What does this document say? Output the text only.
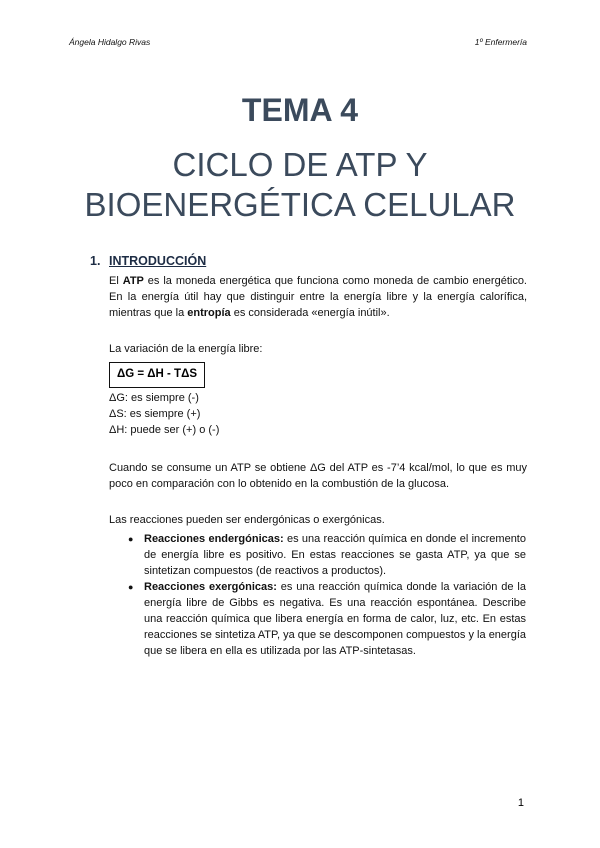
Ángela Hidalgo Rivas	1º Enfermería
TEMA 4
CICLO DE ATP Y
BIOENERGÉTICA CELULAR
1. INTRODUCCIÓN
El ATP es la moneda energética que funciona como moneda de cambio energético. En la energía útil hay que distinguir entre la energía libre y la energía calorífica, mientras que la entropía es considerada «energía inútil».
La variación de la energía libre:
ΔG = ΔH - TΔS
ΔG: es siempre (-)
ΔS: es siempre (+)
ΔH: puede ser (+) o (-)
Cuando se consume un ATP se obtiene ΔG del ATP es -7’4 kcal/mol, lo que es muy poco en comparación con lo obtenido en la combustión de la glucosa.
Las reacciones pueden ser endergónicas o exergónicas.
● Reacciones endergónicas: es una reacción química en donde el incremento de energía libre es positivo. En estas reacciones se gasta ATP, ya que se sintetizan compuestos (de reactivos a productos).
● Reacciones exergónicas: es una reacción química donde la variación de la energía libre de Gibbs es negativa. Es una reacción espontánea. Describe una reacción química que libera energía en forma de calor, luz, etc. En estas reacciones se sintetiza ATP, ya que se descomponen compuestos y la energía que se libera en ella es utilizada por las ATP-sintetasas.
1
